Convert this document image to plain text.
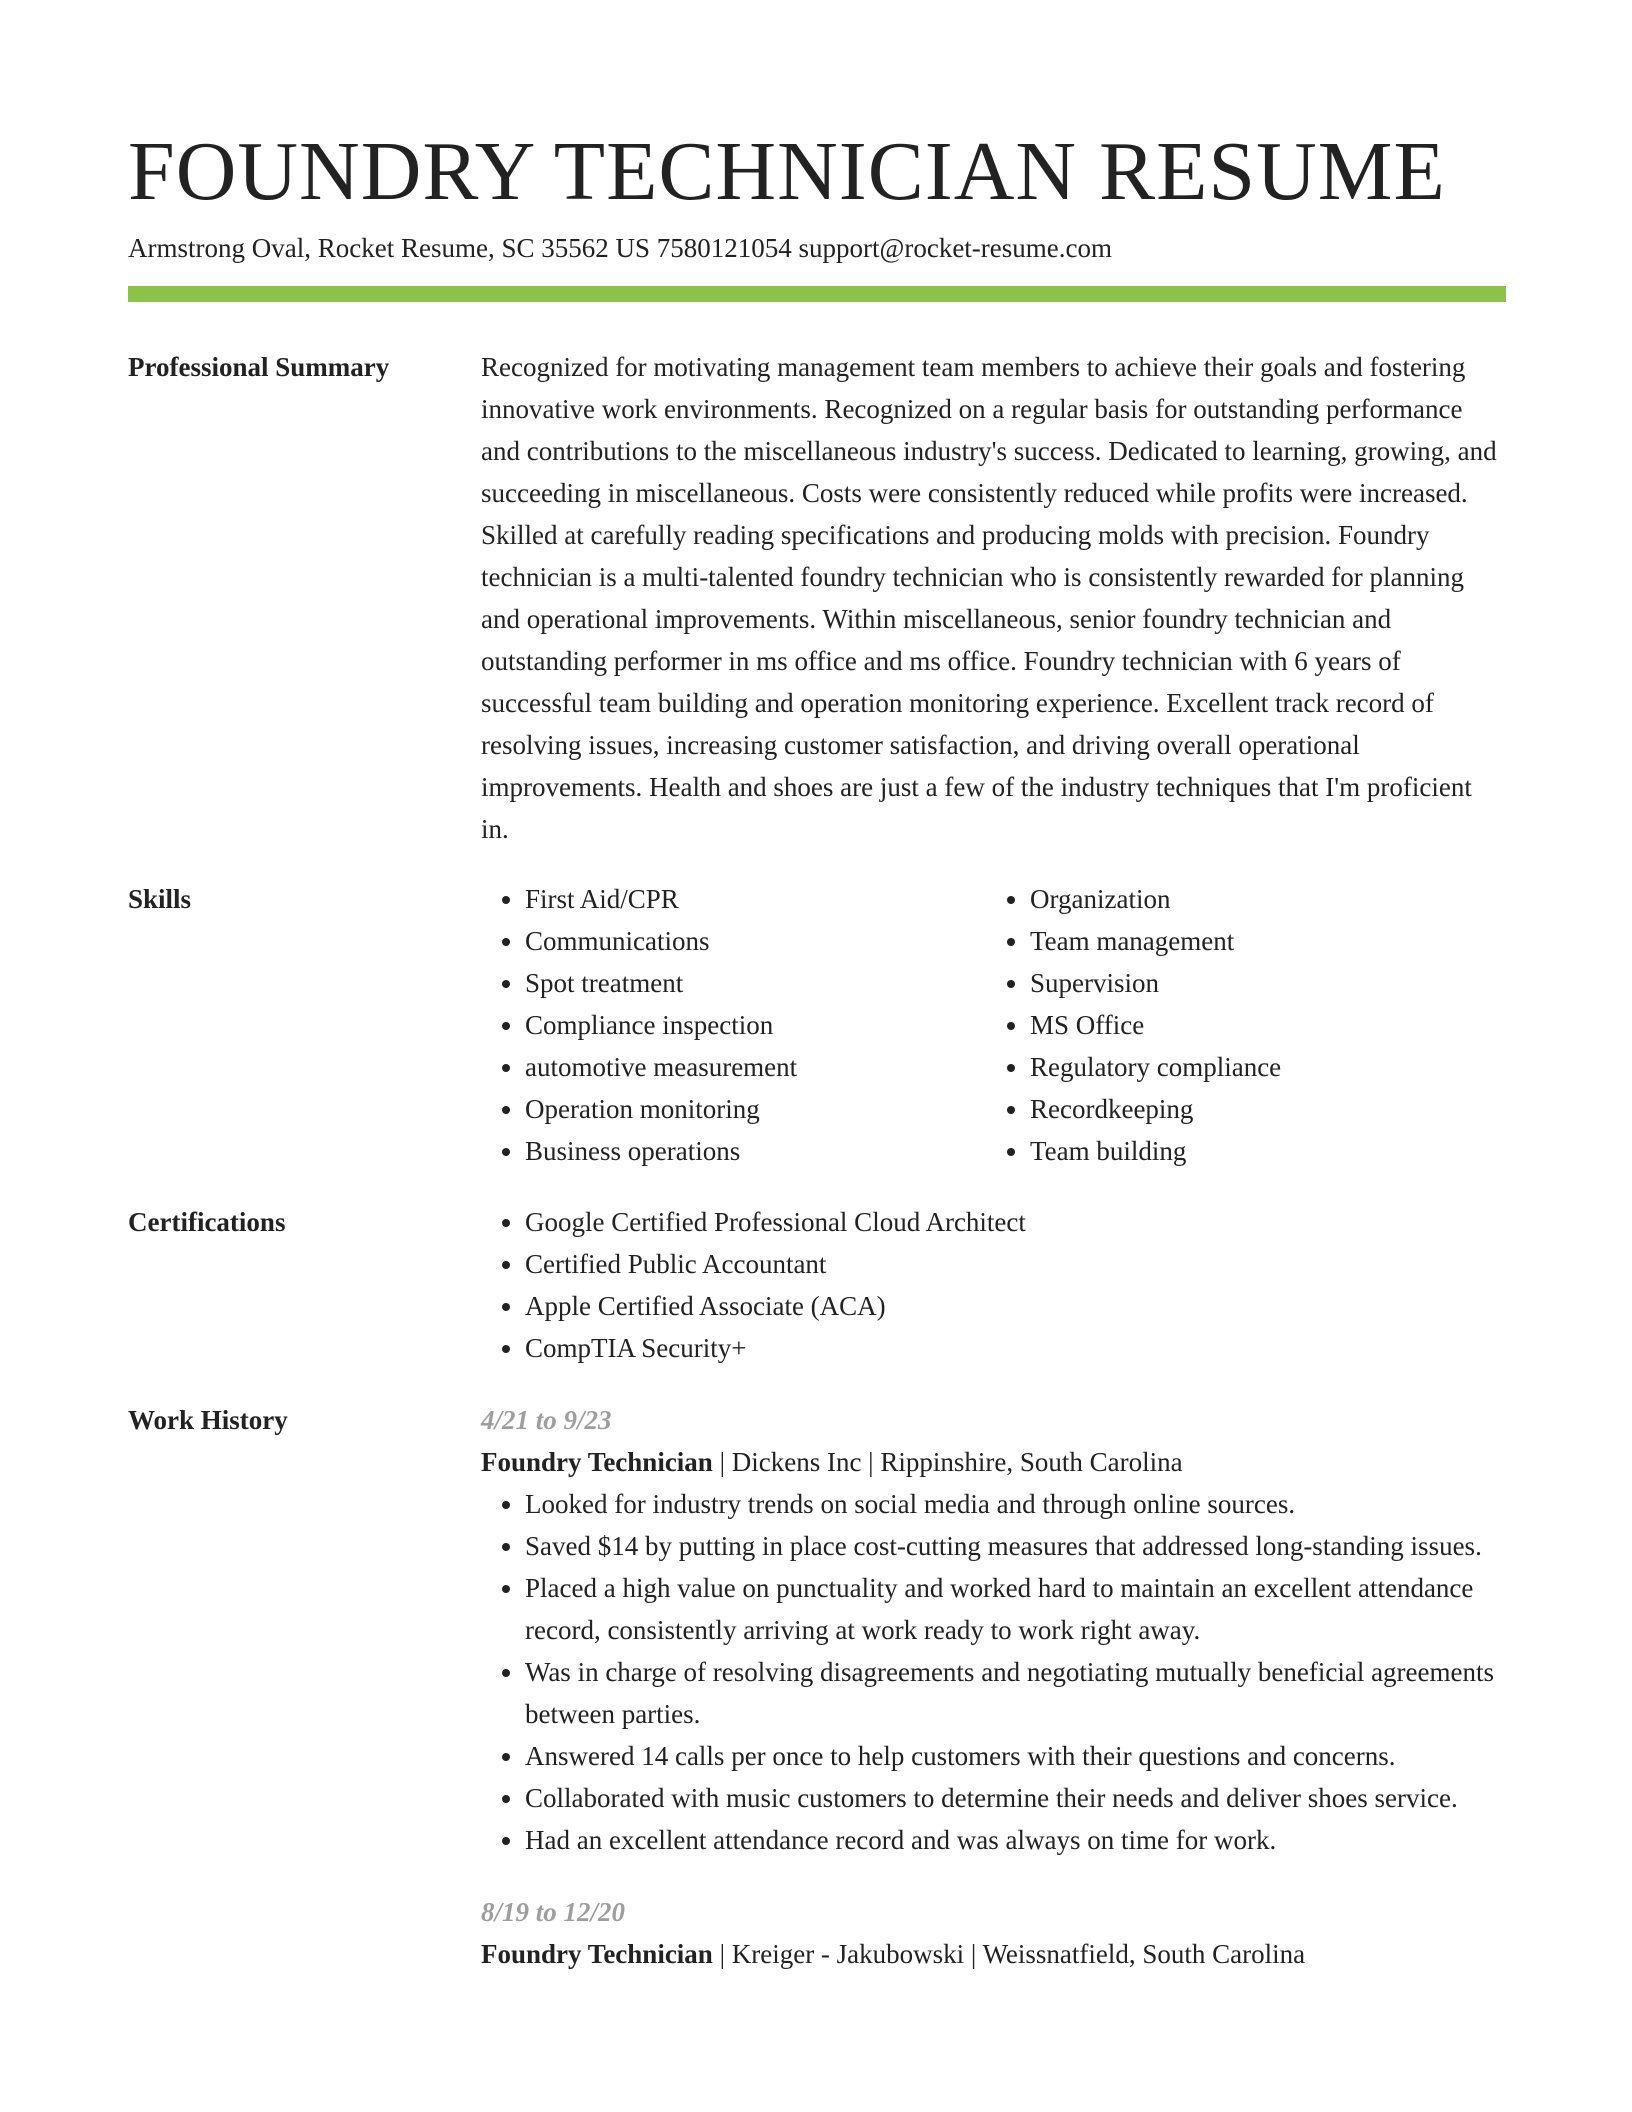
FOUNDRY TECHNICIAN RESUME
Armstrong Oval, Rocket Resume, SC 35562 US 7580121054 support@rocket-resume.com
Professional Summary	Recognized for motivating management team members to achieve their goals and fostering innovative work environments. Recognized on a regular basis for outstanding performance and contributions to the miscellaneous industry's success. Dedicated to learning, growing, and succeeding in miscellaneous. Costs were consistently reduced while profits were increased. Skilled at carefully reading specifications and producing molds with precision. Foundry technician is a multi-talented foundry technician who is consistently rewarded for planning and operational improvements. Within miscellaneous, senior foundry technician and outstanding performer in ms office and ms office. Foundry technician with 6 years of successful team building and operation monitoring experience. Excellent track record of resolving issues, increasing customer satisfaction, and driving overall operational improvements. Health and shoes are just a few of the industry techniques that I'm proficient in.

Skills	• First Aid/CPR
• Communications
• Spot treatment
• Compliance inspection
• automotive measurement
• Operation monitoring
• Business operations
• Organization
• Team management
• Supervision
• MS Office
• Regulatory compliance
• Recordkeeping
• Team building
Certifications	• Google Certified Professional Cloud Architect
• Certified Public Accountant
• Apple Certified Associate (ACA)
• CompTIA Security+
Work History	4/21 to 9/23
Foundry Technician | Dickens Inc | Rippinshire, South Carolina
• Looked for industry trends on social media and through online sources.
• Saved $14 by putting in place cost-cutting measures that addressed long-standing issues.
• Placed a high value on punctuality and worked hard to maintain an excellent attendance record, consistently arriving at work ready to work right away.
• Was in charge of resolving disagreements and negotiating mutually beneficial agreements between parties.
• Answered 14 calls per once to help customers with their questions and concerns.
• Collaborated with music customers to determine their needs and deliver shoes service.
• Had an excellent attendance record and was always on time for work.
8/19 to 12/20
Foundry Technician | Kreiger - Jakubowski | Weissnatfield, South Carolina
